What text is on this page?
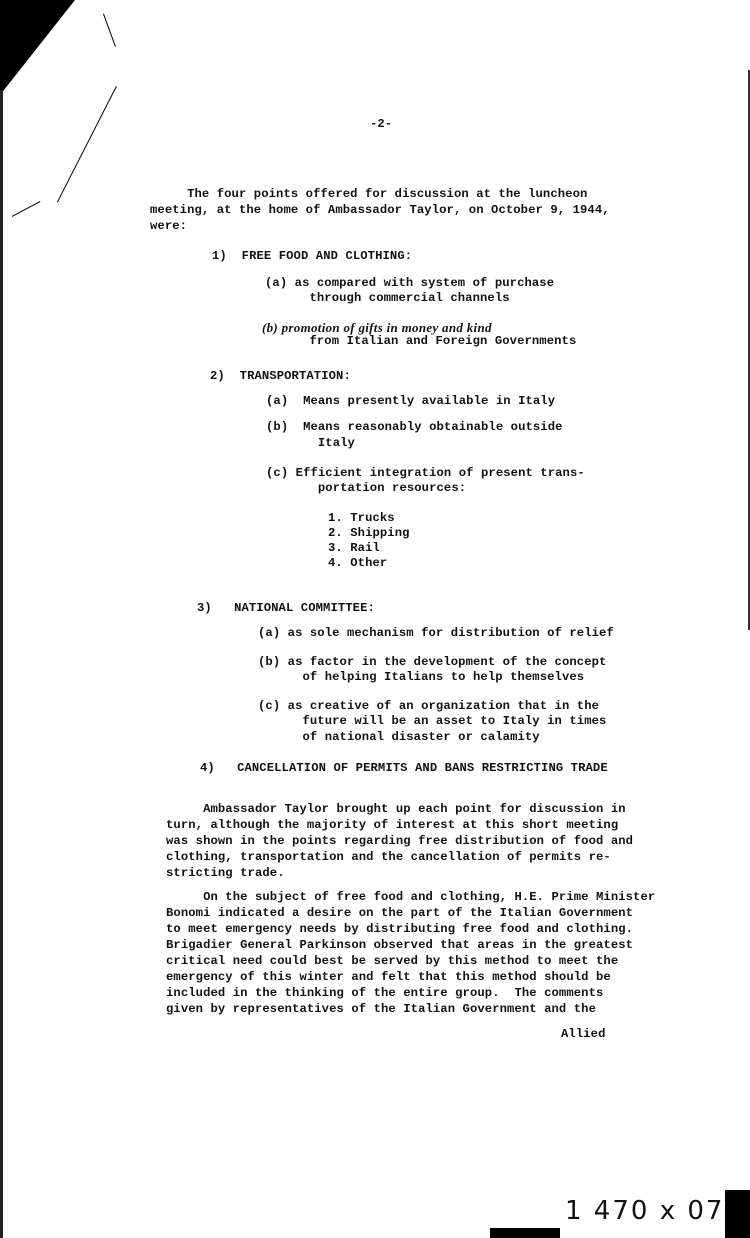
-2-
The four points offered for discussion at the luncheon
meeting, at the home of Ambassador Taylor, on October 9, 1944,
were:
1)  FREE FOOD AND CLOTHING:
(a) as compared with system of purchase
through commercial channels
(b) promotion of gifts in money and kind
from Italian and Foreign Governments
2)  TRANSPORTATION:
(a)  Means presently available in Italy
(b)  Means reasonably obtainable outside
Italy
(c) Efficient integration of present trans-
portation resources:
1. Trucks
2. Shipping
3. Rail
4. Other
3)   NATIONAL COMMITTEE:
(a) as sole mechanism for distribution of relief
(b) as factor in the development of the concept
of helping Italians to help themselves
(c) as creative of an organization that in the
future will be an asset to Italy in times
of national disaster or calamity
4)   CANCELLATION OF PERMITS AND BANS RESTRICTING TRADE
Ambassador Taylor brought up each point for discussion in
turn, although the majority of interest at this short meeting
was shown in the points regarding free distribution of food and
clothing, transportation and the cancellation of permits re-
stricting trade.
On the subject of free food and clothing, H.E. Prime Minister
Bonomi indicated a desire on the part of the Italian Government
to meet emergency needs by distributing free food and clothing.
Brigadier General Parkinson observed that areas in the greatest
critical need could best be served by this method to meet the
emergency of this winter and felt that this method should be
included in the thinking of the entire group.  The comments
given by representatives of the Italian Government and the
Allied
1 470 x 07
